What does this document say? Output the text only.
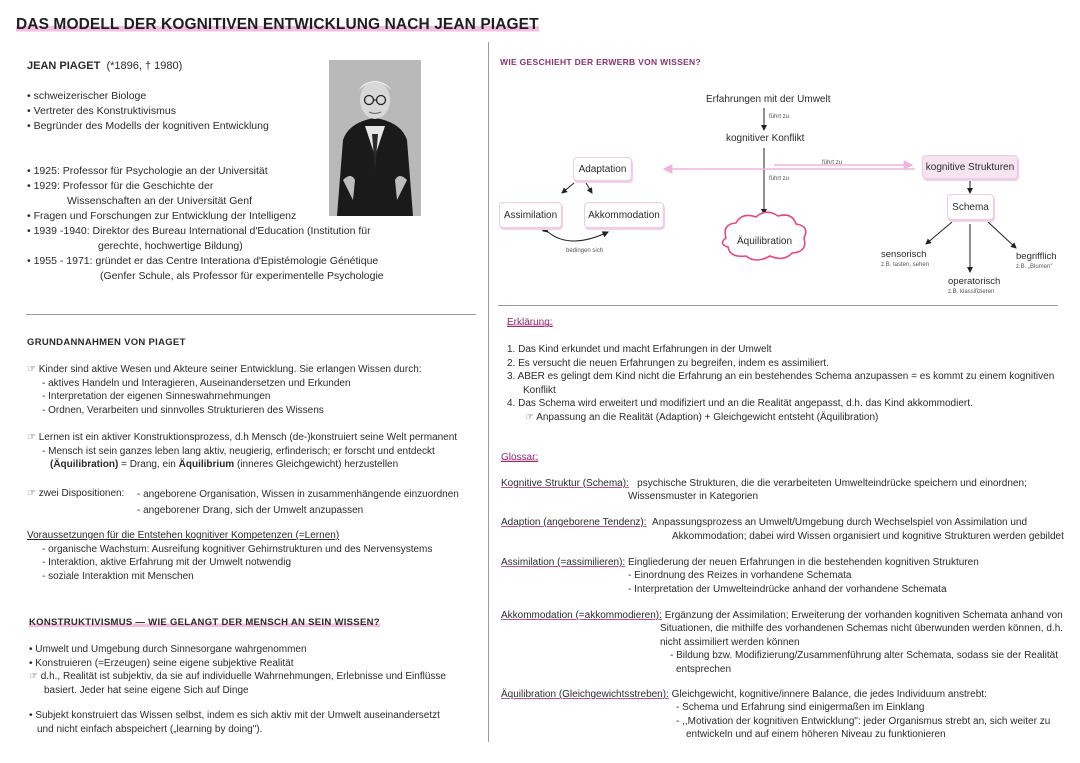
DAS MODELL DER KOGNITIVEN ENTWICKLUNG NACH JEAN PIAGET
JEAN PIAGET (*1896, † 1980)
• schweizerischer Biologe
• Vertreter des Konstruktivismus
• Begründer des Modells der kognitiven Entwicklung
• 1925: Professor für Psychologie an der Universität
• 1929: Professor für die Geschichte der
Wissenschaften an der Universität Genf
• Fragen und Forschungen zur Entwicklung der Intelligenz
• 1939 -1940: Direktor des Bureau International d'Education (Institution für
gerechte, hochwertige Bildung)
• 1955 - 1971: gründet er das Centre Interationa d'Epistémologie Génétique
(Genfer Schule, als Professor für experimentelle Psychologie
GRUNDANNAHMEN VON PIAGET
☞ Kinder sind aktive Wesen und Akteure seiner Entwicklung. Sie erlangen Wissen durch:
- aktives Handeln und Interagieren, Auseinandersetzen und Erkunden
- Interpretation der eigenen Sinneswahrnehmungen
- Ordnen, Verarbeiten und sinnvolles Strukturieren des Wissens
☞ Lernen ist ein aktiver Konstruktionsprozess, d.h Mensch (de-)konstruiert seine Welt permanent
- Mensch ist sein ganzes leben lang aktiv, neugierig, erfinderisch; er forscht und entdeckt
(Äquilibration) = Drang, ein Äquilibrium (inneres Gleichgewicht) herzustellen
☞ zwei Dispositionen: - angeborene Organisation, Wissen in zusammenhängende einzuordnen
- angeborener Drang, sich der Umwelt anzupassen
Voraussetzungen für die Entstehen kognitiver Kompetenzen (=Lernen)
- organische Wachstum: Ausreifung kognitiver Gehirnstrukturen und des Nervensystems
- Interaktion, aktive Erfahrung mit der Umwelt notwendig
- soziale Interaktion mit Menschen
KONSTRUKTIVISMUS — WIE GELANGT DER MENSCH AN SEIN WISSEN?
• Umwelt und Umgebung durch Sinnesorgane wahrgenommen
• Konstruieren (=Erzeugen) seine eigene subjektive Realität
☞ d.h., Realität ist subjektiv, da sie auf individuelle Wahrnehmungen, Erlebnisse und Einflüsse
basiert. Jeder hat seine eigene Sich auf Dinge
• Subjekt konstruiert das Wissen selbst, indem es sich aktiv mit der Umwelt auseinandersetzt
und nicht einfach abspeichert („learning by doing").
WIE GESCHIEHT DER ERWERB VON WISSEN?
Erfahrungen mit der Umwelt
führt zu
kognitiver Konflikt
Adaptation	kognitive Strukturen
führt zu
führt zu
Assimilation	Akkommodation
bedingen sich
Äquilibration
Schema
sensorisch
z.B. tasten, sehen
begrifflich
z.B. „Blumen"
operatorisch
z.B. klassifizieren
Erklärung:
1. Das Kind erkundet und macht Erfahrungen in der Umwelt
2. Es versucht die neuen Erfahrungen zu begreifen, indem es assimiliert.
3. ABER es gelingt dem Kind nicht die Erfahrung an ein bestehendes Schema anzupassen = es kommt zu einem kognitiven
Konflikt
4. Das Schema wird erweitert und modifiziert und an die Realität angepasst, d.h. das Kind akkommodiert.
☞ Anpassung an die Realität (Adaption) + Gleichgewicht entsteht (Äquilibration)
Glossar:
Kognitive Struktur (Schema): psychische Strukturen, die die verarbeiteten Umwelteindrücke speichern und einordnen;
Wissensmuster in Kategorien
Adaption (angeborene Tendenz): Anpassungsprozess an Umwelt/Umgebung durch Wechselspiel von Assimilation und
Akkommodation; dabei wird Wissen organisiert und kognitive Strukturen werden gebildet
Assimilation (=assimilieren): Eingliederung der neuen Erfahrungen in die bestehenden kognitiven Strukturen
- Einordnung des Reizes in vorhandene Schemata
- Interpretation der Umwelteindrücke anhand der vorhandene Schemata
Akkommodation (=akkommodieren): Ergänzung der Assimilation; Erweiterung der vorhanden kognitiven Schemata anhand von
Situationen, die mithilfe des vorhandenen Schemas nicht überwunden werden können, d.h.
nicht assimiliert werden können
- Bildung bzw. Modifizierung/Zusammenführung alter Schemata, sodass sie der Realität
entsprechen
Äquilibration (Gleichgewichtsstreben): Gleichgewicht, kognitive/innere Balance, die jedes Individuum anstrebt:
- Schema und Erfahrung sind einigermaßen im Einklang
- ,,Motivation der kognitiven Entwicklung": jeder Organismus strebt an, sich weiter zu
entwickeln und auf einem höheren Niveau zu funktionieren
